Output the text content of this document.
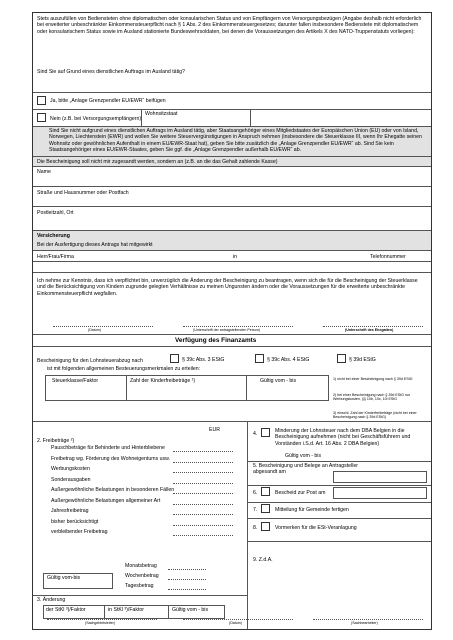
Stets auszufüllen von Bediensteten ohne diplomatischen oder konsularischen Status und von Empfängern von Versorgungsbezügen (Angabe deshalb nicht erforderlich bei erweiterter unbeschränkter Einkommensteuerpflicht nach § 1 Abs. 2 des Einkommensteuergesetzes; darunter fallen insbesondere Bedienstete mit diplomatischem oder konsularischem Status sowie im Ausland stationierte Bundeswehrsoldaten, bei denen die Voraussetzungen des Artikels X des NATO-Truppenstatuts vorliegen):
Sind Sie auf Grund eines dienstlichen Auftrags im Ausland tätig?
Ja, bitte „Anlage Grenzpendler EU/EWR“ beifügen
Nein (z.B. bei Versorgungsempfängern)
Wohnsitzstaat
Sind Sie nicht aufgrund eines dienstlichen Auftrags im Ausland tätig, aber Staatsangehöriger eines Mitgliedstaates der Europäischen Union (EU) oder von Island, Norwegen, Liechtenstein (EWR) und wollen Sie weitere Steuervergünstigungen in Anspruch nehmen (insbesondere die Steuerklasse III, wenn Ihr Ehegatte seinen Wohnsitz oder gewöhnlichen Aufenthalt in einem EU/EWR-Staat hat), geben Sie bitte zusätzlich die „Anlage Grenzpendler EU/EWR“ ab. Sind Sie kein Staatsangehöriger eines EU/EWR-Staates, geben Sie ggf. die „Anlage Grenzpendler außerhalb EU/EWR“ ab.
Die Bescheinigung soll nicht mir zugesandt werden, sondern an (z.B. an die das Gehalt zahlende Kasse)
Name
Straße und Hausnummer oder Postfach
Postleitzahl, Ort
Versicherung
Bei der Ausfertigung dieses Antrags hat mitgewirkt
Herr/Frau/Firma	in	Telefonnummer
Ich nehme zur Kenntnis, dass ich verpflichtet bin, unverzüglich die Änderung der Bescheinigung zu beantragen, wenn sich die für die Bescheinigung der Steuerklasse und die Berücksichtigung von Kindern zugrunde gelegten Verhältnisse zu meinen Ungunsten ändern oder die Voraussetzungen für die erweiterte unbeschränkte Einkommensteuerpflicht wegfallen.
(Datum)	(Unterschrift der antragstellenden Person)	(Unterschrift des Ehegatten)
Verfügung des Finanzamts
Bescheinigung für den Lohnsteuerabzug nach	§ 39c Abs. 3 EStG	§ 39c Abs. 4 EStG	§ 39d EStG
ist mit folgenden allgemeinen Besteuerungsmerkmalen zu erteilen:
Steuerklasse/Faktor	Zahl der Kinderfreibeträge ¹)	Gültig vom - bis	1) nicht bei einer Bescheinigung nach § 39d EStG
2) bei einer Bescheinigung nach § 39d EStG nur Werbungskosten, §§ 10b, 10c, 10i EStG
3) einschl. Zahl der Kinderfreibeträge (nicht bei einer Bescheinigung nach § 39d EStG)
EUR
2. Freibeträge ²)
Monatsbetrag
Wochenbetrag
Tagesbetrag
Gültig vom-bis
3. Änderung
der StKl ³)/Faktor	in StKl ³)/Faktor	Gültig vom - bis
4.	Minderung der Lohnsteuer nach dem DBA Belgien in die Bescheinigung aufnehmen (nicht bei Geschäftsführern und Vorständen i.S.d. Art. 16 Abs. 2 DBA Belgien)
Gültig vom - bis
5. Bescheinigung und Belege an Antragsteller abgesandt am
6.	Bescheid zur Post am
7.	Mitteilung für Gemeinde fertigen
8.	Vormerken für die ESt-Veranlagung
9. Z.d.A.
(Sachgebietsleiter)	(Datum)	(Sachbearbeiter)
Pauschbeträge für Behinderte und Hinterbliebene
Freibetrag wg. Förderung des Wohneigentums usw.
Werbungskosten
Sonderausgaben
Außergewöhnliche Belastungen in besonderen Fällen
Außergewöhnliche Belastungen allgemeiner Art
Jahresfreibetrag
bisher berücksichtigt
verbleibender Freibetrag
